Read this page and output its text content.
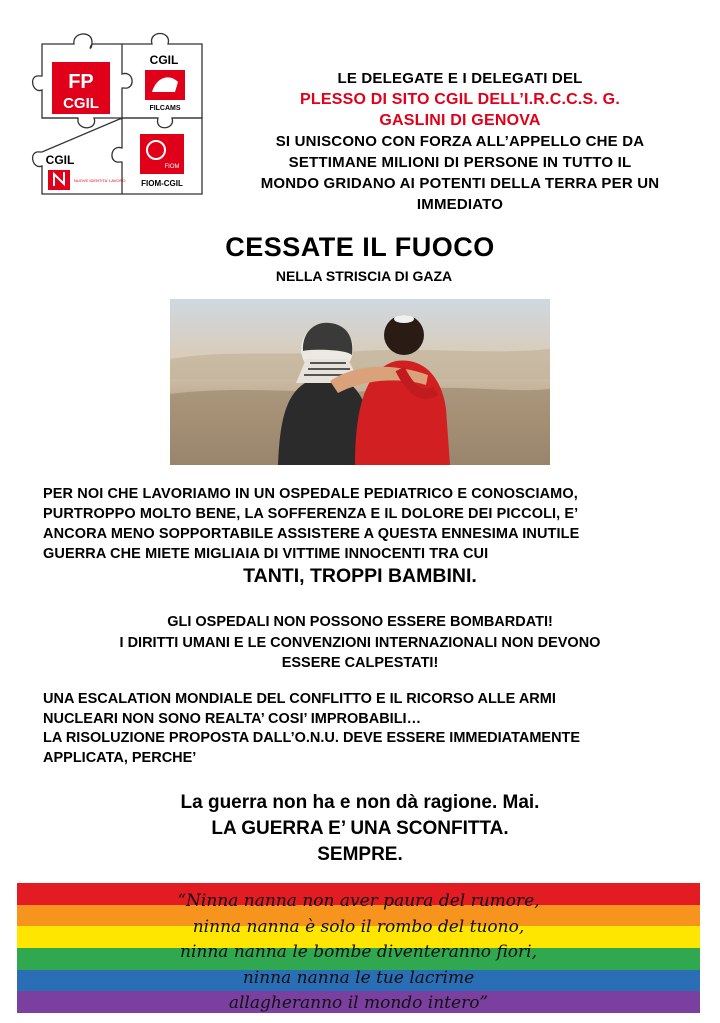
FP
CGIL
CGIL
FILCAMS
CGIL
NUOVE IDENTITA' LAVORO
FIOM
FIOM-CGIL
LE DELEGATE E I DELEGATI DEL
PLESSO DI SITO CGIL DELL’I.R.C.C.S. G.
GASLINI DI GENOVA
SI UNISCONO CON FORZA ALL’APPELLO CHE DA
SETTIMANE MILIONI DI PERSONE IN TUTTO IL
MONDO GRIDANO AI POTENTI DELLA TERRA PER UN
IMMEDIATO
CESSATE IL FUOCO
NELLA STRISCIA DI GAZA
PER NOI CHE LAVORIAMO IN UN OSPEDALE PEDIATRICO E CONOSCIAMO,
PURTROPPO MOLTO BENE, LA SOFFERENZA E IL DOLORE DEI PICCOLI, E’
ANCORA MENO SOPPORTABILE ASSISTERE A QUESTA ENNESIMA INUTILE
GUERRA CHE MIETE MIGLIAIA DI VITTIME INNOCENTI TRA CUI
TANTI, TROPPI BAMBINI.
GLI OSPEDALI NON POSSONO ESSERE BOMBARDATI!
I DIRITTI UMANI E LE CONVENZIONI INTERNAZIONALI NON DEVONO
ESSERE CALPESTATI!
UNA ESCALATION MONDIALE DEL CONFLITTO E IL RICORSO ALLE ARMI
NUCLEARI NON SONO REALTA’ COSI’ IMPROBABILI…
LA RISOLUZIONE PROPOSTA DALL’O.N.U. DEVE ESSERE IMMEDIATAMENTE
APPLICATA, PERCHE’
La guerra non ha e non dà ragione. Mai.
LA GUERRA E’ UNA SCONFITTA.
SEMPRE.
“Ninna nanna non aver paura del rumore,
ninna nanna è solo il rombo del tuono,
ninna nanna le bombe diventeranno fiori,
ninna nanna le tue lacrime
allagheranno il mondo intero”
